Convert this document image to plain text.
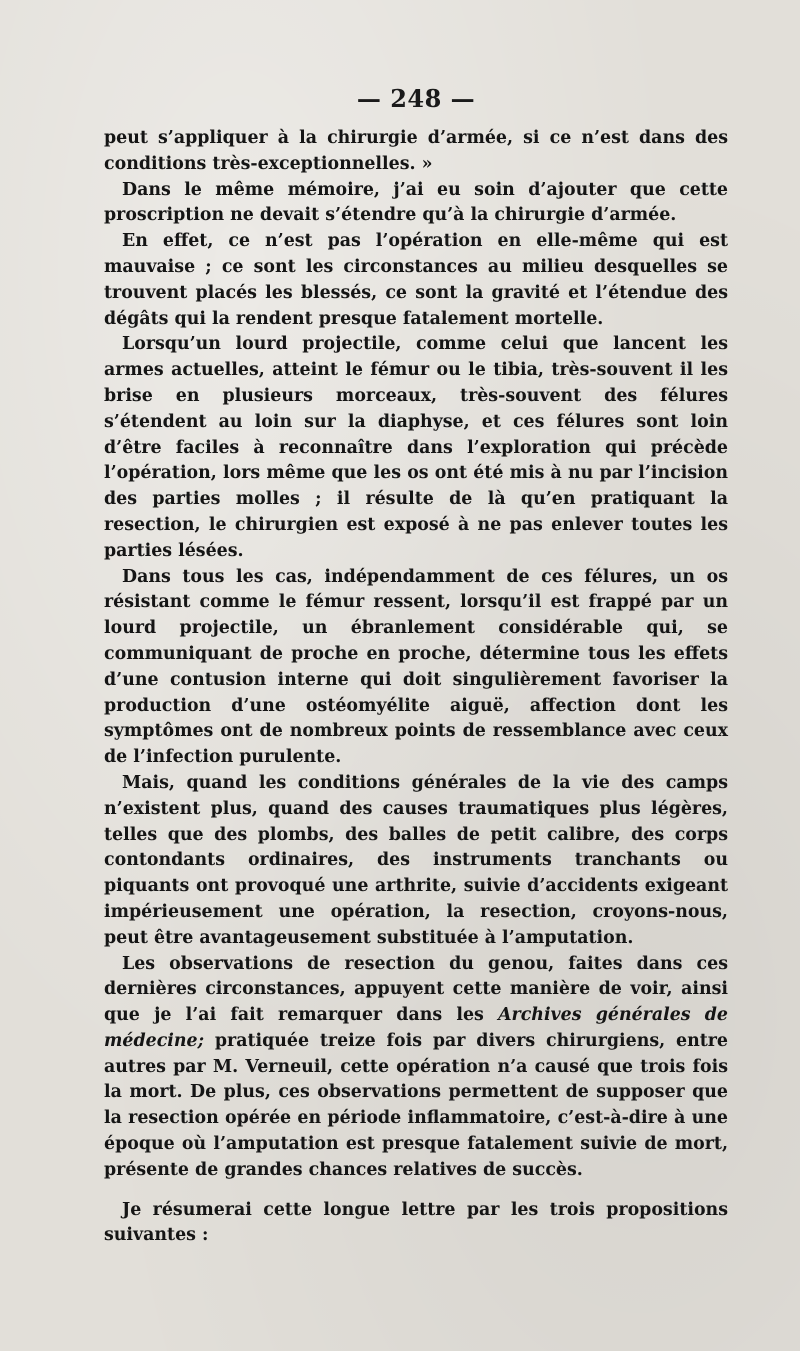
— 248 —

peut s’appliquer à la chirurgie d’armée, si ce n’est dans des conditions très-exceptionnelles. »

Dans le même mémoire, j’ai eu soin d’ajouter que cette proscription ne devait s’étendre qu’à la chirurgie d’armée.

En effet, ce n’est pas l’opération en elle-même qui est mauvaise ; ce sont les circonstances au milieu desquelles se trouvent placés les blessés, ce sont la gravité et l’étendue des dégâts qui la rendent presque fatalement mortelle.

Lorsqu’un lourd projectile, comme celui que lancent les armes actuelles, atteint le fémur ou le tibia, très-souvent il les brise en plusieurs morceaux, très-souvent des félures s’étendent au loin sur la diaphyse, et ces félures sont loin d’être faciles à reconnaître dans l’exploration qui précède l’opération, lors même que les os ont été mis à nu par l’incision des parties molles ; il résulte de là qu’en pratiquant la resection, le chirurgien est exposé à ne pas enlever toutes les parties lésées.

Dans tous les cas, indépendamment de ces félures, un os résistant comme le fémur ressent, lorsqu’il est frappé par un lourd projectile, un ébranlement considérable qui, se communiquant de proche en proche, détermine tous les effets d’une contusion interne qui doit singulièrement favoriser la production d’une ostéomyélite aiguë, affection dont les symptômes ont de nombreux points de ressemblance avec ceux de l’infection purulente.

Mais, quand les conditions générales de la vie des camps n’existent plus, quand des causes traumatiques plus légères, telles que des plombs, des balles de petit calibre, des corps contondants ordinaires, des instruments tranchants ou piquants ont provoqué une arthrite, suivie d’accidents exigeant impérieusement une opération, la resection, croyons-nous, peut être avantageusement substituée à l’amputation.

Les observations de resection du genou, faites dans ces dernières circonstances, appuyent cette manière de voir, ainsi que je l’ai fait remarquer dans les Archives générales de médecine; pratiquée treize fois par divers chirurgiens, entre autres par M. Verneuil, cette opération n’a causé que trois fois la mort. De plus, ces observations permettent de supposer que la resection opérée en période inflammatoire, c’est-à-dire à une époque où l’amputation est presque fatalement suivie de mort, présente de grandes chances relatives de succès.

Je résumerai cette longue lettre par les trois propositions suivantes :
